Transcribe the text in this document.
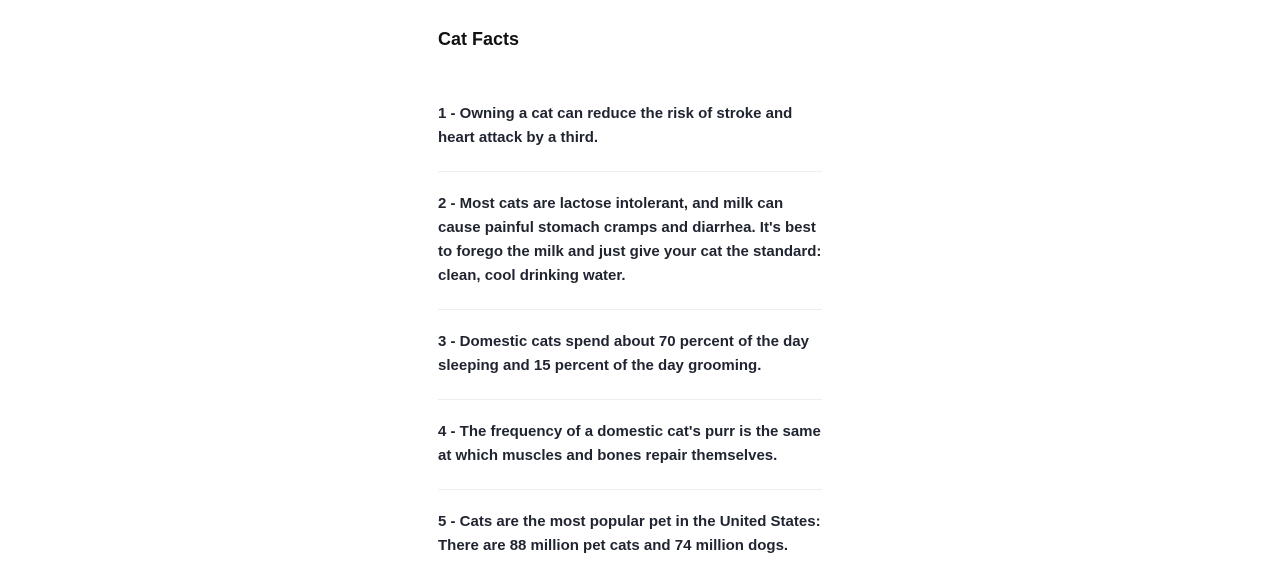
Cat Facts

1 - Owning a cat can reduce the risk of stroke and heart attack by a third.

2 - Most cats are lactose intolerant, and milk can cause painful stomach cramps and diarrhea. It's best to forego the milk and just give your cat the standard: clean, cool drinking water.

3 - Domestic cats spend about 70 percent of the day sleeping and 15 percent of the day grooming.

4 - The frequency of a domestic cat's purr is the same at which muscles and bones repair themselves.

5 - Cats are the most popular pet in the United States: There are 88 million pet cats and 74 million dogs.
